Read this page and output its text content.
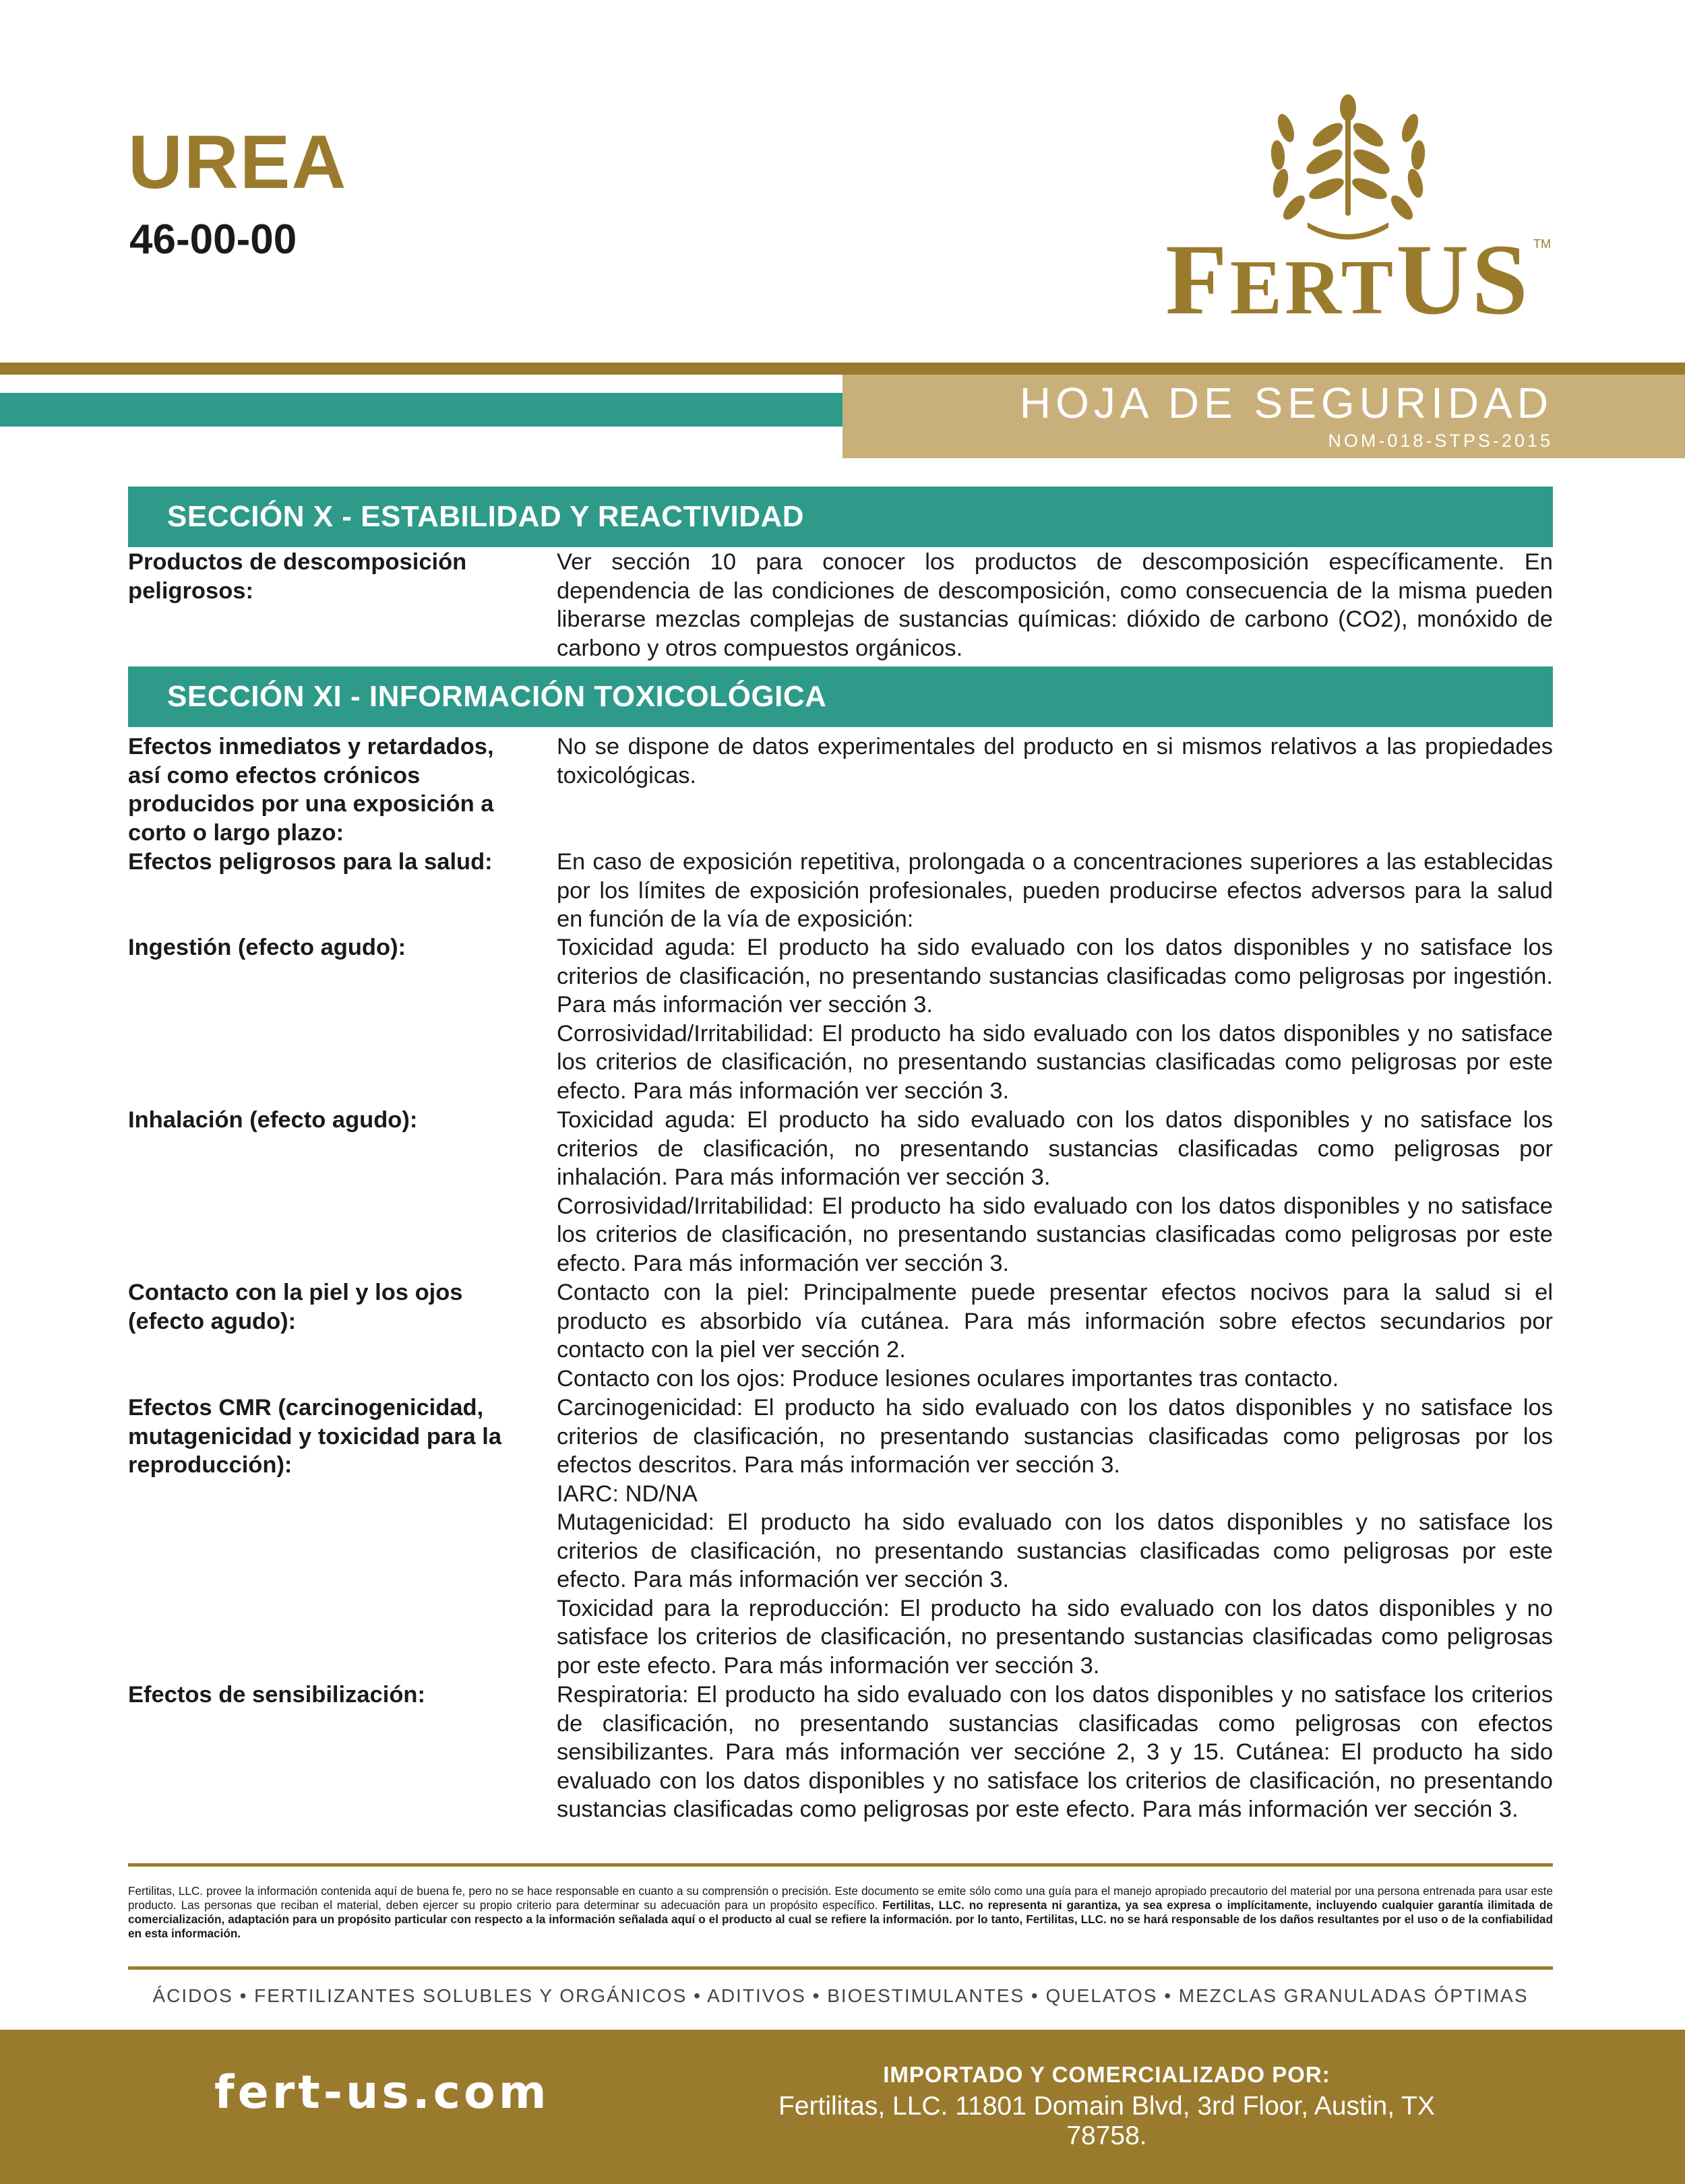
UREA
46-00-00	FERTUS TM
HOJA DE SEGURIDAD
NOM-018-STPS-2015
SECCIÓN X - ESTABILIDAD Y REACTIVIDAD
Productos de descomposición peligrosos:

Ver sección 10 para conocer los productos de descomposición específicamente. En dependencia de las condiciones de descomposición, como consecuencia de la misma pueden liberarse mezclas complejas de sustancias químicas: dióxido de carbono (CO2), monóxido de carbono y otros compuestos orgánicos.

SECCIÓN XI - INFORMACIÓN TOXICOLÓGICA
Efectos inmediatos y retardados, así como efectos crónicos producidos por una exposición a corto o largo plazo:

No se dispone de datos experimentales del producto en si mismos relativos a las propiedades toxicológicas.

Efectos peligrosos para la salud:	En caso de exposición repetitiva, prolongada o a concentraciones superiores a las establecidas por los límites de exposición profesionales, pueden producirse efectos adversos para la salud en función de la vía de exposición:

Ingestión (efecto agudo):	Toxicidad aguda: El producto ha sido evaluado con los datos disponibles y no satisface los criterios de clasificación, no presentando sustancias clasificadas como peligrosas por ingestión. Para más información ver sección 3.

Corrosividad/Irritabilidad: El producto ha sido evaluado con los datos disponibles y no satisface los criterios de clasificación, no presentando sustancias clasificadas como peligrosas por este efecto. Para más información ver sección 3.

Inhalación (efecto agudo):	Toxicidad aguda: El producto ha sido evaluado con los datos disponibles y no satisface los criterios de clasificación, no presentando sustancias clasificadas como peligrosas por inhalación. Para más información ver sección 3.

Corrosividad/Irritabilidad: El producto ha sido evaluado con los datos disponibles y no satisface los criterios de clasificación, no presentando sustancias clasificadas como peligrosas por este efecto. Para más información ver sección 3.

Contacto con la piel y los ojos (efecto agudo):

Contacto con la piel: Principalmente puede presentar efectos nocivos para la salud si el producto es absorbido vía cutánea. Para más información sobre efectos secundarios por contacto con la piel ver sección 2.

Contacto con los ojos: Produce lesiones oculares importantes tras contacto.

Efectos CMR (carcinogenicidad, mutagenicidad y toxicidad para la reproducción):

Carcinogenicidad: El producto ha sido evaluado con los datos disponibles y no satisface los criterios de clasificación, no presentando sustancias clasificadas como peligrosas por los efectos descritos. Para más información ver sección 3.

IARC: ND/NA

Mutagenicidad: El producto ha sido evaluado con los datos disponibles y no satisface los criterios de clasificación, no presentando sustancias clasificadas como peligrosas por este efecto. Para más información ver sección 3.

Toxicidad para la reproducción: El producto ha sido evaluado con los datos disponibles y no satisface los criterios de clasificación, no presentando sustancias clasificadas como peligrosas por este efecto. Para más información ver sección 3.

Efectos de sensibilización:	Respiratoria: El producto ha sido evaluado con los datos disponibles y no satisface los criterios de clasificación, no presentando sustancias clasificadas como peligrosas con efectos sensibilizantes. Para más información ver seccióne 2, 3 y 15. Cutánea: El producto ha sido evaluado con los datos disponibles y no satisface los criterios de clasificación, no presentando sustancias clasificadas como peligrosas por este efecto. Para más información ver sección 3.

Fertilitas, LLC. provee la información contenida aquí de buena fe, pero no se hace responsable en cuanto a su comprensión o precisión. Este documento se emite sólo como una guía para el manejo apropiado precautorio del material por una persona entrenada para usar este producto. Las personas que reciban el material, deben ejercer su propio criterio para determinar su adecuación para un propósito específico. Fertilitas, LLC. no representa ni garantiza, ya sea expresa o implícitamente, incluyendo cualquier garantía ilimitada de comercialización, adaptación para un propósito particular con respecto a la información señalada aquí o el producto al cual se refiere la información. por lo tanto, Fertilitas, LLC. no se hará responsable de los daños resultantes por el uso o de la confiabilidad en esta información.
ÁCIDOS • FERTILIZANTES SOLUBLES Y ORGÁNICOS • ADITIVOS • BIOESTIMULANTES • QUELATOS • MEZCLAS GRANULADAS ÓPTIMAS
fert-us.com	IMPORTADO Y COMERCIALIZADO POR:
Fertilitas, LLC. 11801 Domain Blvd, 3rd Floor, Austin, TX 78758.
